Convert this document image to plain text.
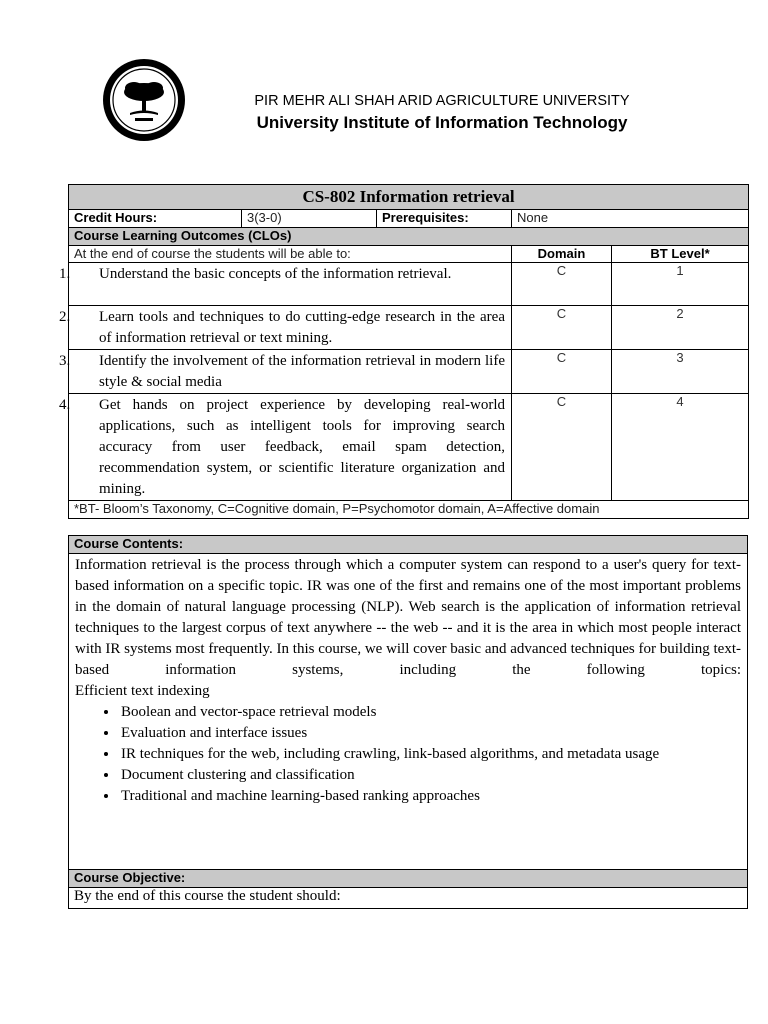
PIR MEHR ALI SHAH ARID AGRICULTURE UNIVERSITY
University Institute of Information Technology
CS-802 Information retrieval				
Credit Hours:	3(3-0)	Prerequisites:	None	
Course Learning Outcomes (CLOs)				
At the end of course the students will be able to:			Domain	BT Level*

1. Understand the basic concepts of the information retrieval.			C	1

2. Learn tools and techniques to do cutting-edge research in the area of information retrieval or text mining.			C	2

3. Identify the involvement of the information retrieval in modern life style & social media			C	3

4. Get hands on project experience by developing real-world applications, such as intelligent tools for improving search accuracy from user feedback, email spam detection, recommendation system, or scientific literature organization and mining.			C	4
*BT- Bloom’s Taxonomy, C=Cognitive domain, P=Psychomotor domain, A=Affective domain				
Course Contents:

Information retrieval is the process through which a computer system can respond to a user's query for text-based information on a specific topic. IR was one of the first and remains one of the most important problems in the domain of natural language processing (NLP). Web search is the application of information retrieval techniques to the largest corpus of text anywhere -- the web -- and it is the area in which most people interact with IR systems most frequently. In this course, we will cover basic and advanced techniques for building text-based information systems, including the following topics:

Efficient text indexing

• Boolean and vector-space retrieval models
• Evaluation and interface issues
• IR techniques for the web, including crawling, link-based algorithms, and metadata usage
• Document clustering and classification
• Traditional and machine learning-based ranking approaches
Course Objective:
By the end of this course the student should:
